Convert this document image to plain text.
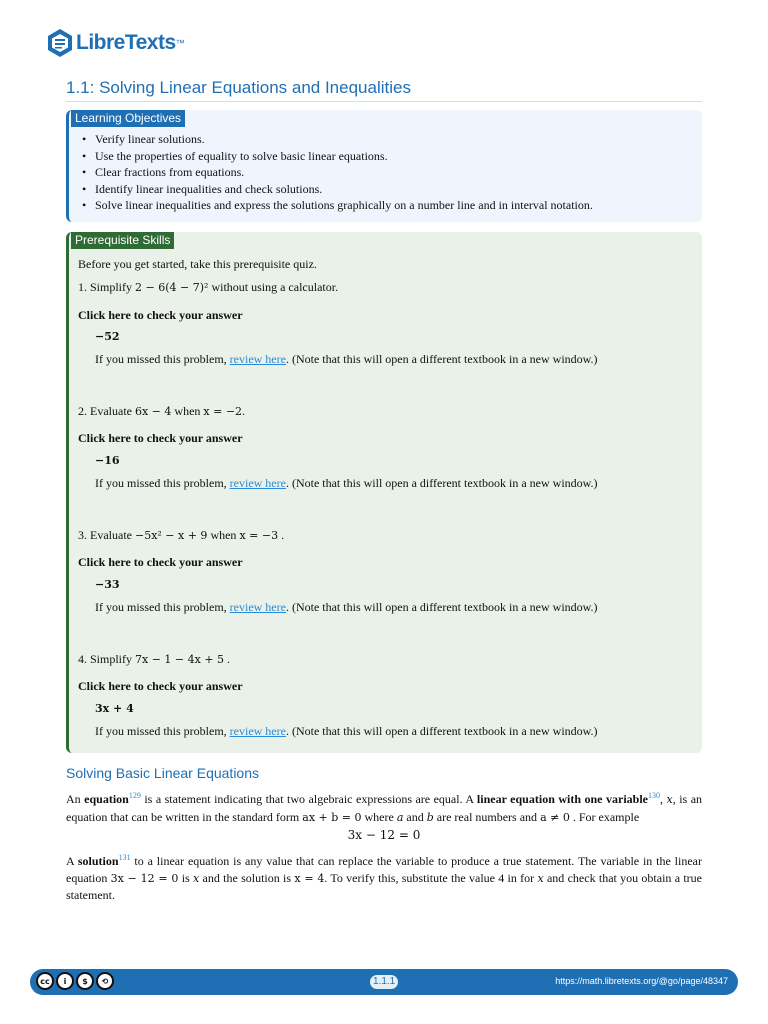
LibreTexts ™
1.1: Solving Linear Equations and Inequalities
Learning Objectives
• Verify linear solutions.
• Use the properties of equality to solve basic linear equations.
• Clear fractions from equations.
• Identify linear inequalities and check solutions.
• Solve linear inequalities and express the solutions graphically on a number line and in interval notation.
Prerequisite Skills
Before you get started, take this prerequisite quiz.
1. Simplify 2 − 6(4 − 7)² without using a calculator.
Click here to check your answer
−52
If you missed this problem, review here. (Note that this will open a different textbook in a new window.)
2. Evaluate 6x − 4 when x = −2.
Click here to check your answer
−16
If you missed this problem, review here. (Note that this will open a different textbook in a new window.)
3. Evaluate −5x² − x + 9 when x = −3 .
Click here to check your answer
−33
If you missed this problem, review here. (Note that this will open a different textbook in a new window.)
4. Simplify 7x − 1 − 4x + 5 .
Click here to check your answer
3x + 4
If you missed this problem, review here. (Note that this will open a different textbook in a new window.)
Solving Basic Linear Equations
An equation$^{129}$ is a statement indicating that two algebraic expressions are equal. A linear equation with one variable$^{130}$, x, is an equation that can be written in the standard form ax + b = 0 where a and b are real numbers and a ≠ 0 . For example
3x − 12 = 0
A solution$^{131}$ to a linear equation is any value that can replace the variable to produce a true statement. The variable in the linear equation 3x − 12 = 0 is x and the solution is x = 4. To verify this, substitute the value 4 in for x and check that you obtain a true statement.
cc	i	$	⟲	1.1.1	https://math.libretexts.org/@go/page/48347
